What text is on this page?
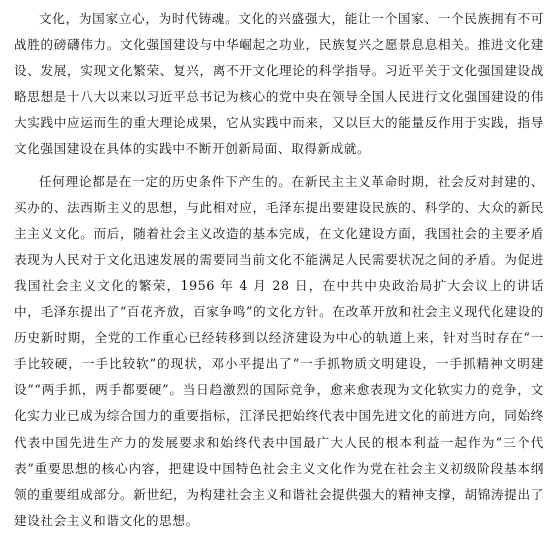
文化，为国家立心，为时代铸魂。文化的兴盛强大，能让一个国家、一个民族拥有不可战胜的磅礴伟力。文化强国建设与中华崛起之功业，民族复兴之愿景息息相关。推进文化建设、发展，实现文化繁荣、复兴，离不开文化理论的科学指导。习近平关于文化强国建设战略思想是十八大以来以习近平总书记为核心的党中央在领导全国人民进行文化强国建设的伟大实践中应运而生的重大理论成果，它从实践中而来，又以巨大的能量反作用于实践，指导文化强国建设在具体的实践中不断开创新局面、取得新成就。

任何理论都是在一定的历史条件下产生的。在新民主主义革命时期，社会反对封建的、买办的、法西斯主义的思想，与此相对应，毛泽东提出要建设民族的、科学的、大众的新民主主义文化。而后，随着社会主义改造的基本完成，在文化建设方面，我国社会的主要矛盾表现为人民对于文化迅速发展的需要同当前文化不能满足人民需要状况之间的矛盾。为促进我国社会主义文化的繁荣，1956 年 4 月 28 日，在中共中央政治局扩大会议上的讲话中，毛泽东提出了“百花齐放，百家争鸣”的文化方针。在改革开放和社会主义现代化建设的历史新时期，全党的工作重心已经转移到以经济建设为中心的轨道上来，针对当时存在“一手比较硬，一手比较软”的现状，邓小平提出了“一手抓物质文明建设，一手抓精神文明建设”“两手抓，两手都要硬”。当日趋激烈的国际竞争，愈来愈表现为文化软实力的竞争，文化实力业已成为综合国力的重要指标，江泽民把始终代表中国先进文化的前进方向，同始终代表中国先进生产力的发展要求和始终代表中国最广大人民的根本利益一起作为“三个代表”重要思想的核心内容，把建设中国特色社会主义文化作为党在社会主义初级阶段基本纲领的重要组成部分。新世纪，为构建社会主义和谐社会提供强大的精神支撑，胡锦涛提出了建设社会主义和谐文化的思想。
